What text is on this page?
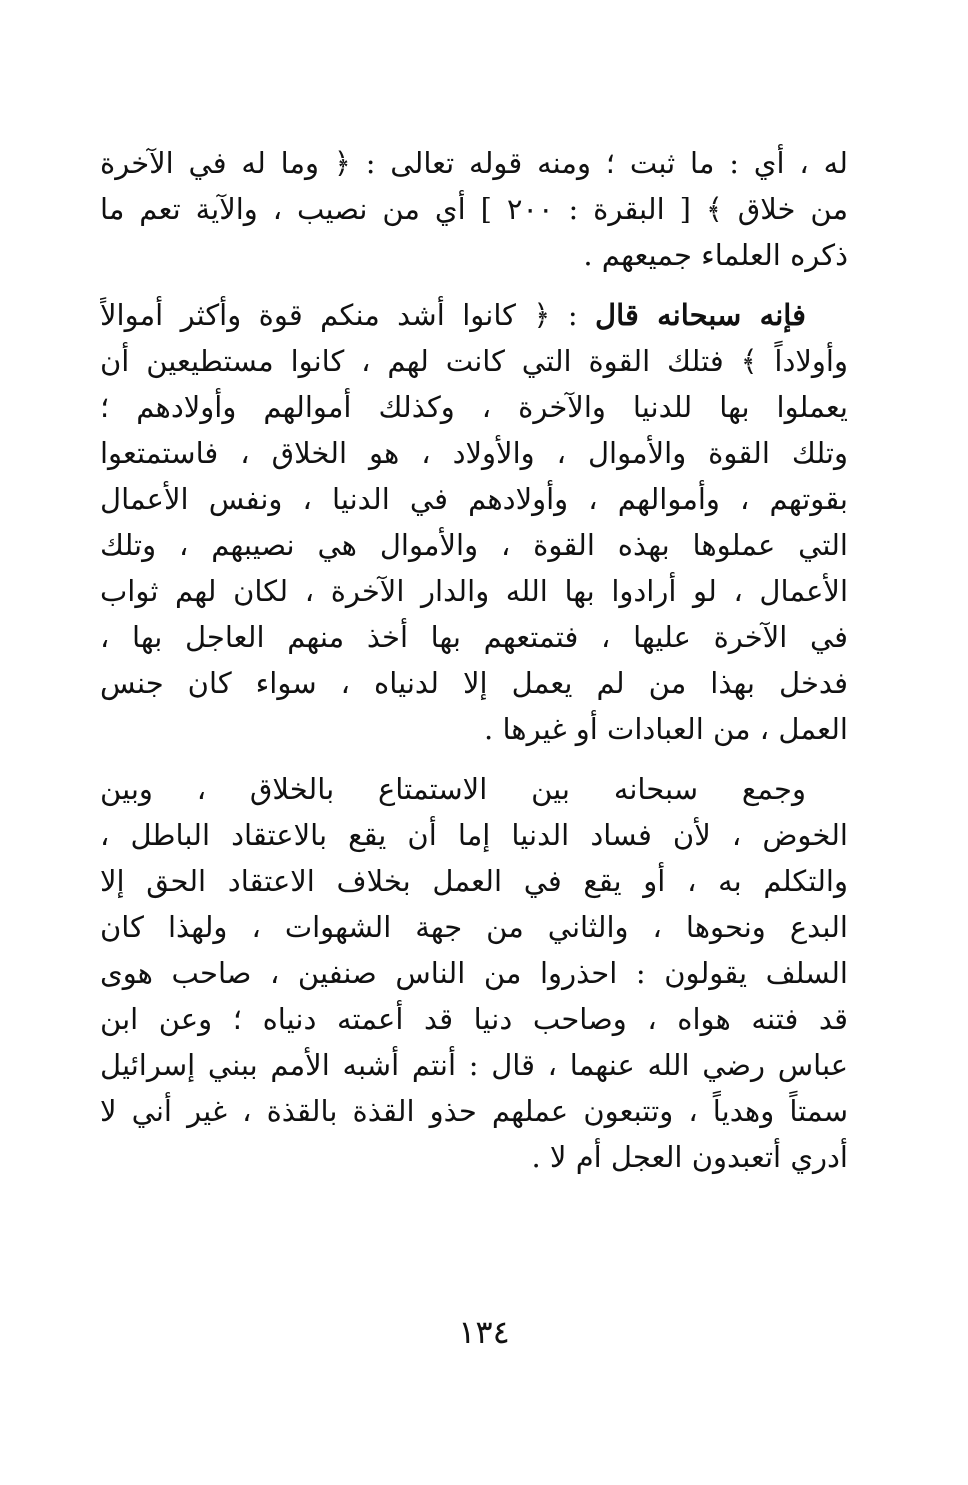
له ، أي : ما ثبت ؛ ومنه قوله تعالى : ﴿ وما له في الآخرة
من خلاق ﴾ [ البقرة : ٢٠٠ ] أي من نصيب ، والآية تعم ما
ذكره العلماء جميعهم .
فإنه سبحانه قال : ﴿ كانوا أشد منكم قوة وأكثر أموالاً
وأولاداً ﴾ فتلك القوة التي كانت لهم ، كانوا مستطيعين أن
يعملوا بها للدنيا والآخرة ، وكذلك أموالهم وأولادهم ؛
وتلك القوة والأموال ، والأولاد ، هو الخلاق ، فاستمتعوا
بقوتهم ، وأموالهم ، وأولادهم في الدنيا ، ونفس الأعمال
التي عملوها بهذه القوة ، والأموال هي نصيبهم ، وتلك
الأعمال ، لو أرادوا بها الله والدار الآخرة ، لكان لهم ثواب
في الآخرة عليها ، فتمتعهم بها أخذ منهم العاجل بها ،
فدخل بهذا من لم يعمل إلا لدنياه ، سواء كان جنس
العمل ، من العبادات أو غيرها .
وجمع سبحانه بين الاستمتاع بالخلاق ، وبين
الخوض ، لأن فساد الدنيا إما أن يقع بالاعتقاد الباطل ،
والتكلم به ، أو يقع في العمل بخلاف الاعتقاد الحق إلا
البدع ونحوها ، والثاني من جهة الشهوات ، ولهذا كان
السلف يقولون : احذروا من الناس صنفين ، صاحب هوى
قد فتنه هواه ، وصاحب دنيا قد أعمته دنياه ؛ وعن ابن
عباس رضي الله عنهما ، قال : أنتم أشبه الأمم ببني إسرائيل
سمتاً وهدياً ، وتتبعون عملهم حذو القذة بالقذة ، غير أني لا
أدري أتعبدون العجل أم لا .
١٣٤
